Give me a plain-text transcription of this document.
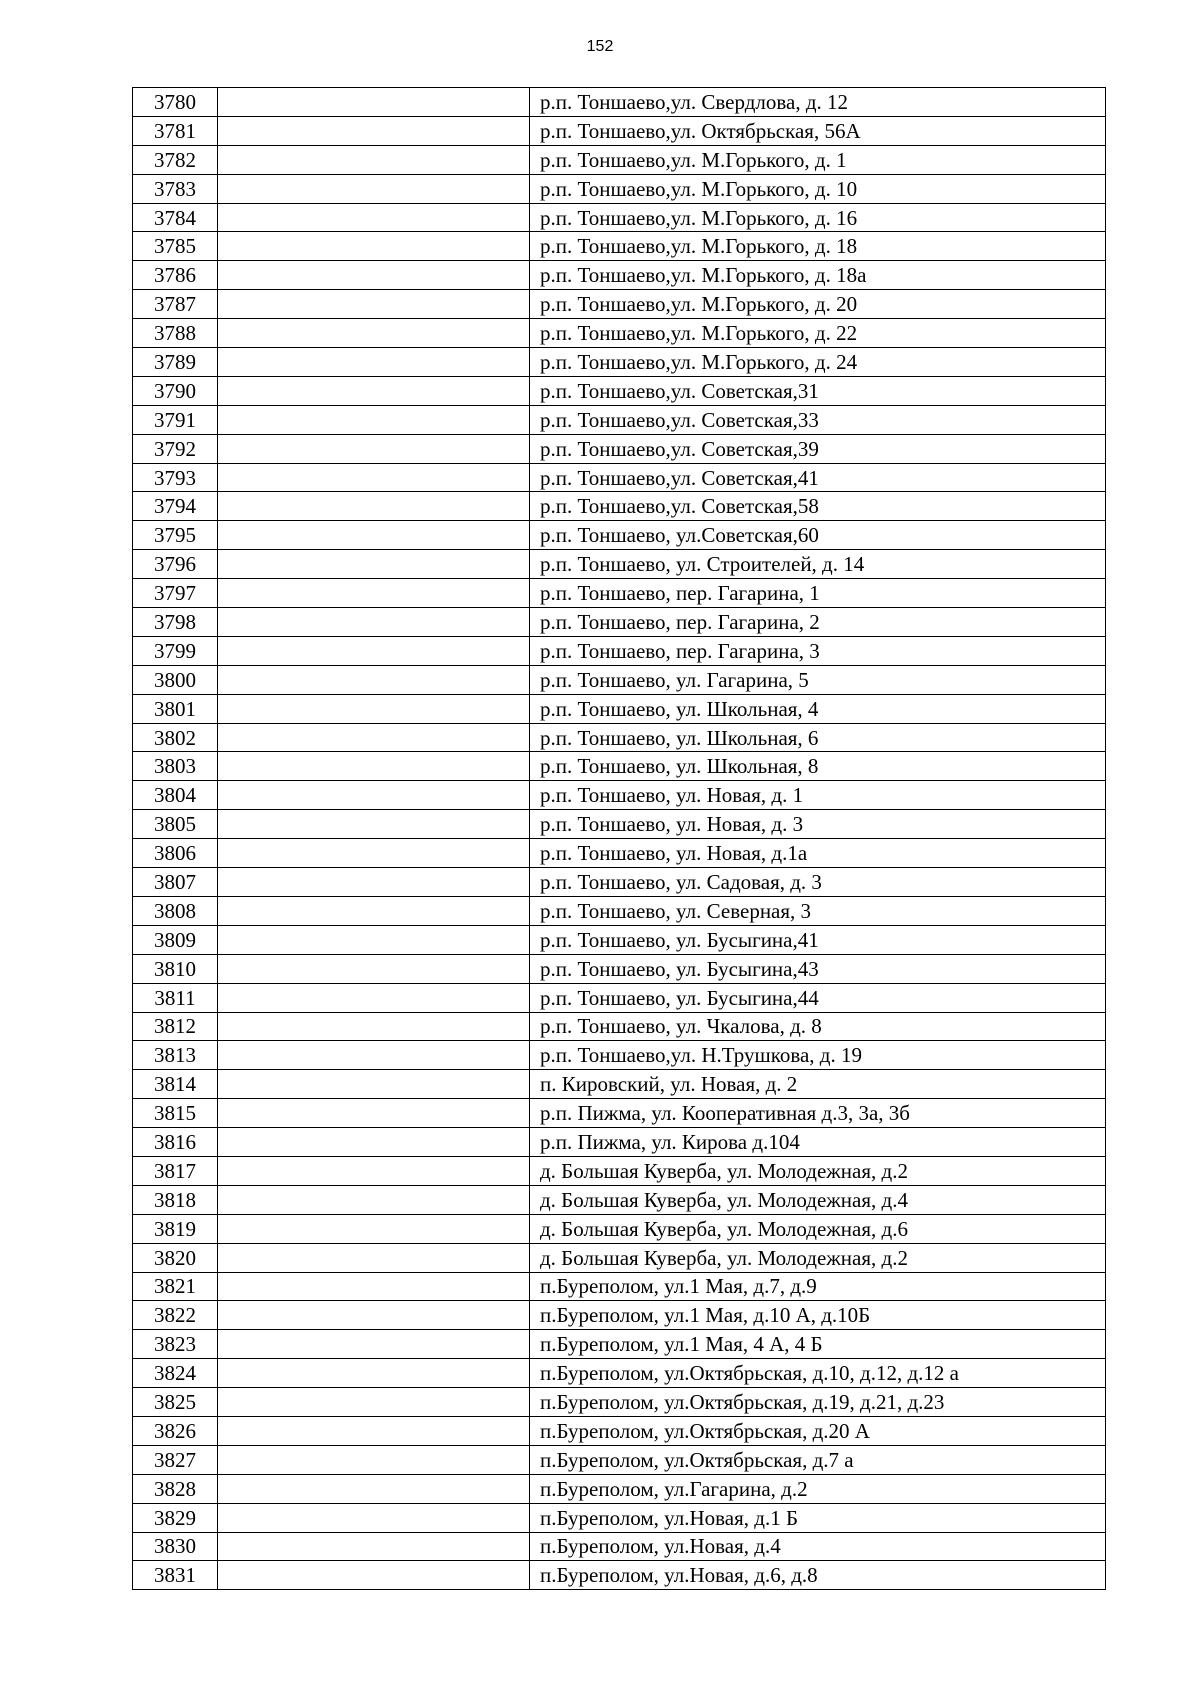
152
3780		р.п. Тоншаево,ул. Свердлова, д. 12
3781		р.п. Тоншаево,ул. Октябрьская, 56А
3782		р.п. Тоншаево,ул. М.Горького, д. 1
3783		р.п. Тоншаево,ул. М.Горького, д. 10
3784		р.п. Тоншаево,ул. М.Горького, д. 16
3785		р.п. Тоншаево,ул. М.Горького, д. 18
3786		р.п. Тоншаево,ул. М.Горького, д. 18а
3787		р.п. Тоншаево,ул. М.Горького, д. 20
3788		р.п. Тоншаево,ул. М.Горького, д. 22
3789		р.п. Тоншаево,ул. М.Горького, д. 24
3790		р.п. Тоншаево,ул. Советская,31
3791		р.п. Тоншаево,ул. Советская,33
3792		р.п. Тоншаево,ул. Советская,39
3793		р.п. Тоншаево,ул. Советская,41
3794		р.п. Тоншаево,ул. Советская,58
3795		р.п. Тоншаево, ул.Советская,60
3796		р.п. Тоншаево, ул. Строителей, д. 14
3797		р.п. Тоншаево, пер. Гагарина, 1
3798		р.п. Тоншаево, пер. Гагарина, 2
3799		р.п. Тоншаево, пер. Гагарина, 3
3800		р.п. Тоншаево, ул. Гагарина, 5
3801		р.п. Тоншаево, ул. Школьная, 4
3802		р.п. Тоншаево, ул. Школьная, 6
3803		р.п. Тоншаево, ул. Школьная, 8
3804		р.п. Тоншаево, ул. Новая, д. 1
3805		р.п. Тоншаево, ул. Новая, д. 3
3806		р.п. Тоншаево, ул. Новая, д.1а
3807		р.п. Тоншаево, ул. Садовая, д. 3
3808		р.п. Тоншаево, ул. Северная, 3
3809		р.п. Тоншаево, ул. Бусыгина,41
3810		р.п. Тоншаево, ул. Бусыгина,43
3811		р.п. Тоншаево, ул. Бусыгина,44
3812		р.п. Тоншаево, ул. Чкалова, д. 8
3813		р.п. Тоншаево,ул. Н.Трушкова, д. 19
3814		п. Кировский, ул. Новая, д. 2
3815		р.п. Пижма, ул. Кооперативная д.3, 3а, 3б
3816		р.п. Пижма, ул. Кирова д.104
3817		д. Большая Куверба, ул. Молодежная, д.2
3818		д. Большая Куверба, ул. Молодежная, д.4
3819		д. Большая Куверба, ул. Молодежная, д.6
3820		д. Большая Куверба, ул. Молодежная, д.2
3821		п.Буреполом, ул.1 Мая, д.7, д.9
3822		п.Буреполом, ул.1 Мая, д.10 А, д.10Б
3823		п.Буреполом, ул.1 Мая, 4 А, 4 Б
3824		п.Буреполом, ул.Октябрьская, д.10, д.12, д.12 а
3825		п.Буреполом, ул.Октябрьская, д.19, д.21, д.23
3826		п.Буреполом, ул.Октябрьская, д.20 А
3827		п.Буреполом, ул.Октябрьская, д.7 а
3828		п.Буреполом, ул.Гагарина, д.2
3829		п.Буреполом, ул.Новая, д.1 Б
3830		п.Буреполом, ул.Новая, д.4
3831		п.Буреполом, ул.Новая, д.6, д.8
